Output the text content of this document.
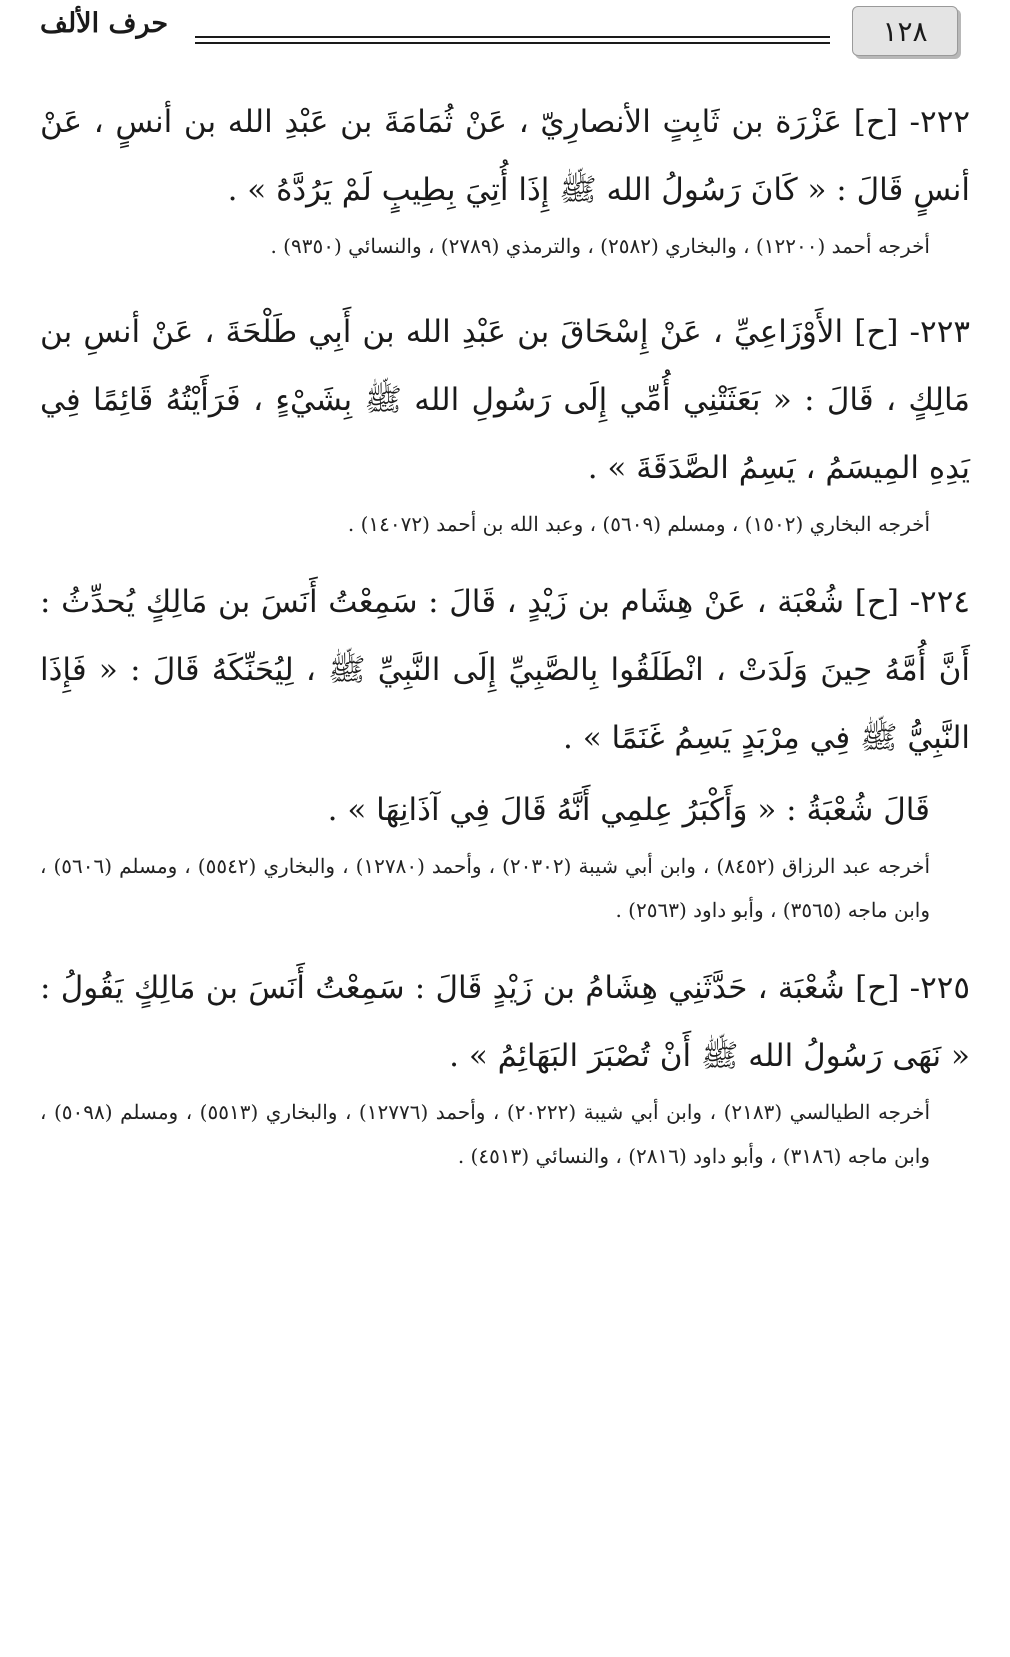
١٢٨
حرف الألف

٢٢٢- [ح] عَزْرَة بن ثَابِتٍ الأنصارِيّ ، عَنْ ثُمَامَةَ بن عَبْدِ الله بن أنسٍ ، عَنْ أنسٍ قَالَ : « كَانَ رَسُولُ الله ﷺ إِذَا أُتِيَ بِطِيبٍ لَمْ يَرُدَّهُ » .

أخرجه أحمد (١٢٢٠٠) ، والبخاري (٢٥٨٢) ، والترمذي (٢٧٨٩) ، والنسائي (٩٣٥٠) .

٢٢٣- [ح] الأَوْزَاعِيِّ ، عَنْ إِسْحَاقَ بن عَبْدِ الله بن أَبِي طَلْحَةَ ، عَنْ أنسِ بن مَالِكٍ ، قَالَ : « بَعَثَتْنِي أُمِّي إِلَى رَسُولِ الله ﷺ بِشَيْءٍ ، فَرَأَيْتُهُ قَائِمًا فِي يَدِهِ المِيسَمُ ، يَسِمُ الصَّدَقَةَ » .

أخرجه البخاري (١٥٠٢) ، ومسلم (٥٦٠٩) ، وعبد الله بن أحمد (١٤٠٧٢) .

٢٢٤- [ح] شُعْبَة ، عَنْ هِشَام بن زَيْدٍ ، قَالَ : سَمِعْتُ أَنَسَ بن مَالِكٍ يُحدِّثُ : أَنَّ أُمَّهُ حِينَ وَلَدَتْ ، انْطَلَقُوا بِالصَّبِيِّ إِلَى النَّبِيِّ ﷺ ، لِيُحَنِّكَهُ قَالَ : « فَإِذَا النَّبِيُّ ﷺ فِي مِرْبَدٍ يَسِمُ غَنَمًا » .

قَالَ شُعْبَةُ : « وَأَكْبَرُ عِلمِي أَنَّهُ قَالَ فِي آذَانِهَا » .

أخرجه عبد الرزاق (٨٤٥٢) ، وابن أبي شيبة (٢٠٣٠٢) ، وأحمد (١٢٧٨٠) ، والبخاري (٥٥٤٢) ، ومسلم (٥٦٠٦) ، وابن ماجه (٣٥٦٥) ، وأبو داود (٢٥٦٣) .

٢٢٥- [ح] شُعْبَة ، حَدَّثَنِي هِشَامُ بن زَيْدٍ قَالَ : سَمِعْتُ أَنَسَ بن مَالِكٍ يَقُولُ : « نَهَى رَسُولُ الله ﷺ أَنْ تُصْبَرَ البَهَائِمُ » .

أخرجه الطيالسي (٢١٨٣) ، وابن أبي شيبة (٢٠٢٢٢) ، وأحمد (١٢٧٧٦) ، والبخاري (٥٥١٣) ، ومسلم (٥٠٩٨) ، وابن ماجه (٣١٨٦) ، وأبو داود (٢٨١٦) ، والنسائي (٤٥١٣) .
